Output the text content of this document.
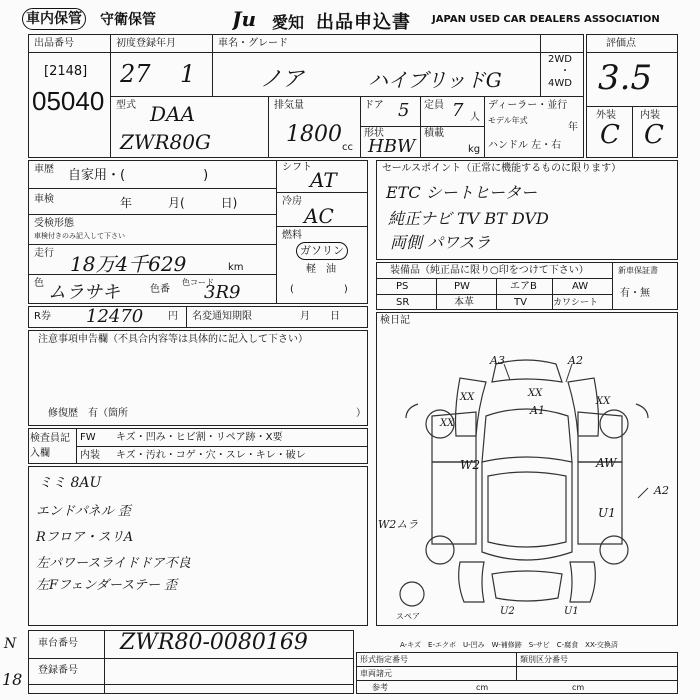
車内保管 守衛保管	Ju 愛知 出品申込書 JAPAN USED CAR DEALERS ASSOCIATION
出品番号
[2148]
05040
初度登録年月
27 1
車名・グレード
ノア	ハイブリッドG
2WD
・
4WD
評価点
3.5
外装 内装
C C
型式 DAA
ZWR80G
排気量
1800
cc
ドア 5 定員 7 人
形状
HBW
積載
kg
ディーラー・並行
モデル年式
年
ハンドル 左・右
車歴 自家用・(　　　　　　)
車検	年　　　月(　　　日)
受検形態
車検付きのみ記入して下さい
走行 18万4千629	km
色 ムラサキ	色番
色コード
3R9
シフト
AT
冷房
AC
燃料
ガソリン
軽　油
(　　　　　)
セールスポイント（正常に機能するものに限ります）
ETC シートヒーター
純正ナビ TV BT DVD
両側 パワスラ
装備品（純正品に限り○印をつけて下さい）
PS	PW	エアB	AW
SR	本革	TV	カワシート
新車保証書
有・無
R券 12470 円 名変通知期限	月　　日
注意事項申告欄（不具合内容等は具体的に記入して下さい）
修復歴　有（箇所	）
検査員記入欄
FW キズ・凹み・ヒビ割・リペア跡・X要
内装 キズ・汚れ・コゲ・穴・スレ・キレ・破レ
ミミ 8AU
エンドパネル 歪
Rフロア・スリA
左パワースライドドア不良
左Fフェンダーステー 歪
検日記
A3	A2
XX	XX
A1
XX
XX
W2	AW
A2
W2ムラ
U1
U2	U1
スペア
A-キズ　E-エクボ　U-凹み　W-補修跡　S-サビ　C-腐食　XX-交換済
車台番号 ZWR80-0080169
登録番号
形式指定番号	類別区分番号
車両諸元
参考	cm	cm
N
18
